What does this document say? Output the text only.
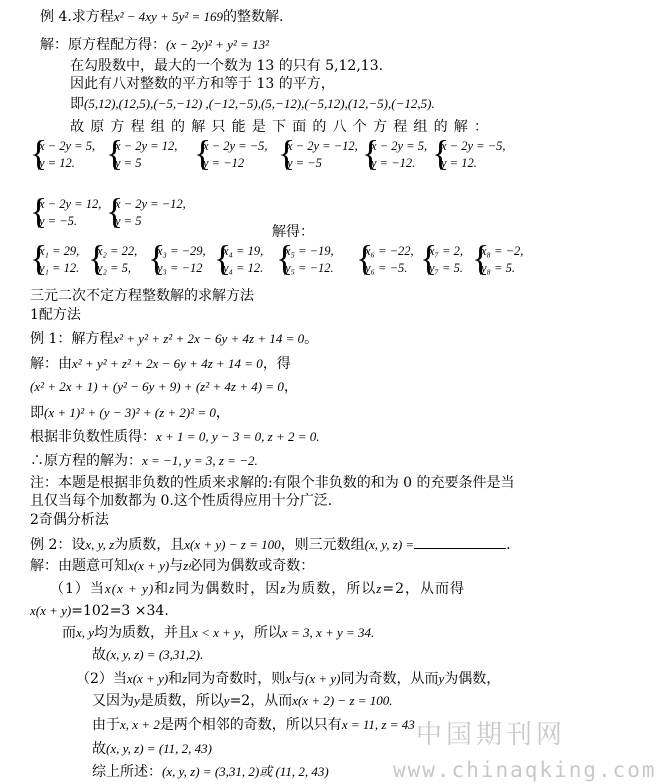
例 4.求方程x² − 4xy + 5y² = 169的整数解.
解：原方程配方得：(x − 2y)² + y² = 13²
在勾股数中，最大的一个数为 13 的只有 5,12,13.
因此有八对整数的平方和等于 13 的平方，
即(5,12),(12,5),(−5,−12) ,(−12,−5),(5,−12),(−5,12),(12,−5),(−12,5).
故原方程组的解只能是下面的八个方程组的解：
{ x − 2y = 5,
y = 12.
{ x − 2y = 12,
y = 5
{ x − 2y = −5,
y = −12
{ x − 2y = −12,
y = −5
{ x − 2y = 5,
y = −12.
{ x − 2y = −5,
y = 12.
{ x − 2y = 12,
y = −5.
{ x − 2y = −12,
y = 5
解得：
{ x₁ = 29,
y₁ = 12.
{ x₂ = 22,
y₂ = 5,
{ x₃ = −29,
y₃ = −12
{ x₄ = 19,
y₄ = 12.
{ x₅ = −19,
y₅ = −12.
{ x₆ = −22,
y₆ = −5.
{ x₇ = 2,
y₇ = 5.
{ x₈ = −2,
y₈ = 5.
三元二次不定方程整数解的求解方法
1配方法
例 1：解方程x² + y² + z² + 2x − 6y + 4z + 14 = 0。
解：由x² + y² + z² + 2x − 6y + 4z + 14 = 0，得
(x² + 2x + 1) + (y² − 6y + 9) + (z² + 4z + 4) = 0，
即(x + 1)² + (y − 3)² + (z + 2)² = 0，
根据非负数性质得：x + 1 = 0, y − 3 = 0, z + 2 = 0.
∴原方程的解为：x = −1, y = 3, z = −2.
注：本题是根据非负数的性质来求解的:有限个非负数的和为 0 的充要条件是当
且仅当每个加数都为 0.这个性质得应用十分广泛.
2奇偶分析法
例 2：设x, y, z为质数，且x(x + y) − z = 100，则三元数组(x, y, z) =	.
解：由题意可知x(x + y)与z必同为偶数或奇数：
（1）当x(x + y)和z同为偶数时，因z为质数，所以z=2，从而得
x(x + y)=102=3 ×34.
而x, y均为质数，并且x < x + y，所以x = 3, x + y = 34.
故(x, y, z) = (3,31,2).
（2）当x(x + y)和z同为奇数时，则x与(x + y)同为奇数，从而y为偶数，
又因为y是质数，所以y=2，从而x(x + 2) − z = 100.
由于x, x + 2是两个相邻的奇数，所以只有x = 11, z = 43
故(x, y, z) = (11, 2, 43)
综上所述：(x, y, z) = (3,31, 2)或 (11, 2, 43)
中国期刊网
www.chinaqking.com
